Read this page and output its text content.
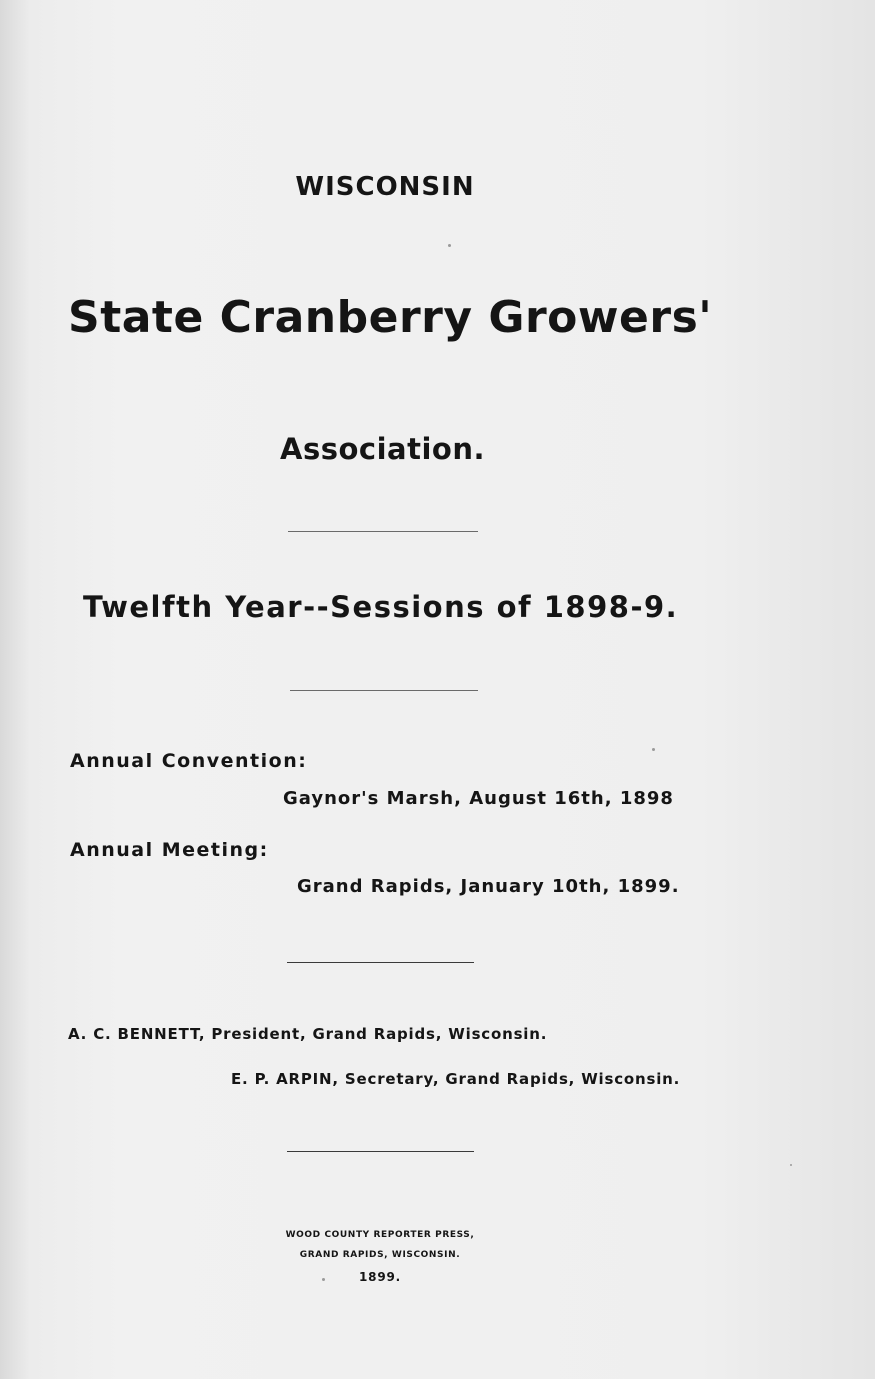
WISCONSIN
State Cranberry Growers'
Association.
Twelfth Year--Sessions of 1898-9.
Annual Convention:
Gaynor's Marsh, August 16th, 1898
Annual Meeting:
Grand Rapids, January 10th, 1899.
A. C. BENNETT, President, Grand Rapids, Wisconsin.
E. P. ARPIN, Secretary, Grand Rapids, Wisconsin.
WOOD COUNTY REPORTER PRESS,
GRAND RAPIDS, WISCONSIN.
1899.
